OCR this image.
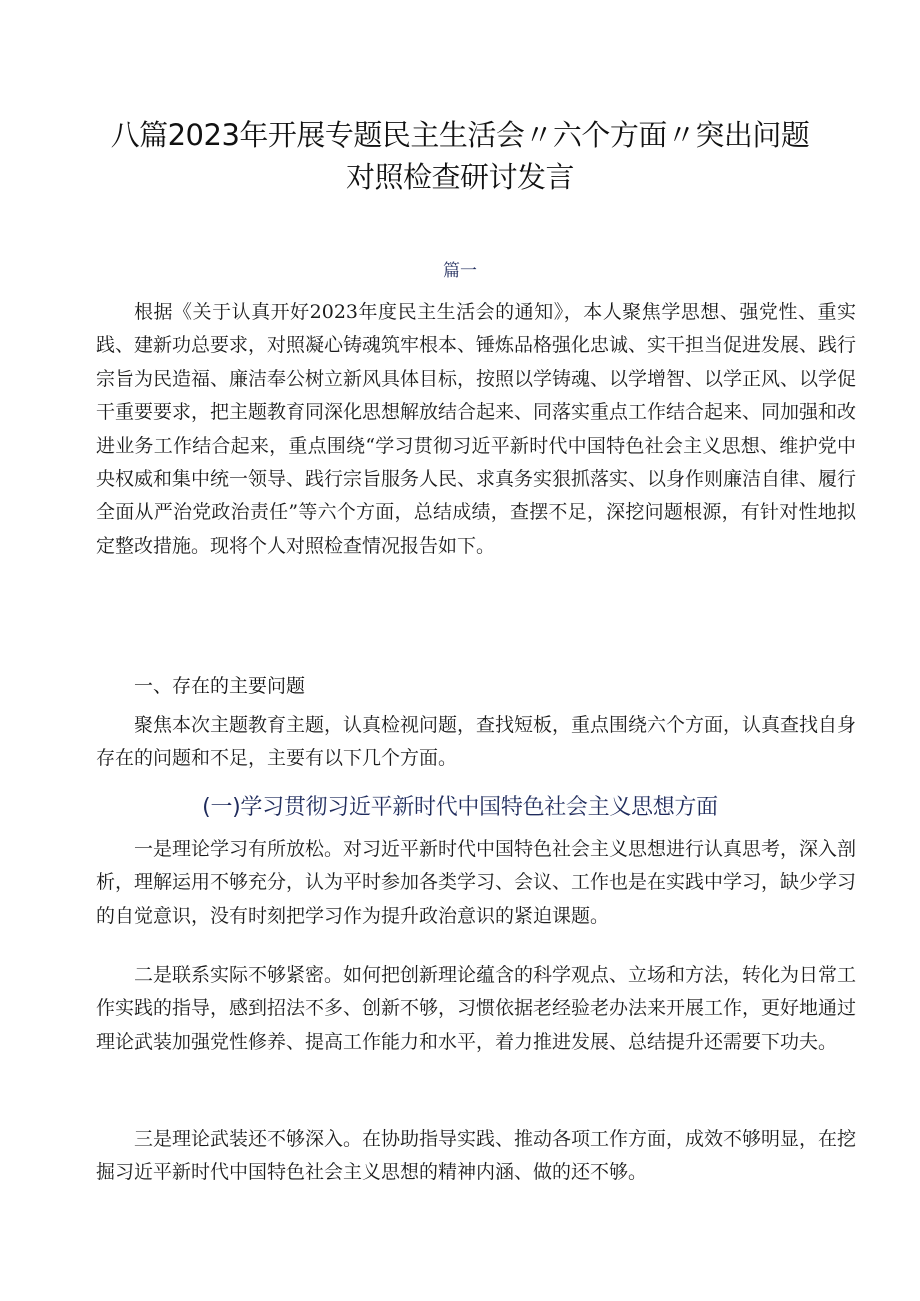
八篇2023年开展专题民主生活会〃六个方面〃突出问题
对照检查研讨发言
篇一

根据《关于认真开好2023年度民主生活会的通知》，本人聚焦学思想、强党性、重实践、建新功总要求，对照凝心铸魂筑牢根本、锤炼品格强化忠诚、实干担当促进发展、践行宗旨为民造福、廉洁奉公树立新风具体目标，按照以学铸魂、以学增智、以学正风、以学促干重要要求，把主题教育同深化思想解放结合起来、同落实重点工作结合起来、同加强和改进业务工作结合起来，重点围绕“学习贯彻习近平新时代中国特色社会主义思想、维护党中央权威和集中统一领导、践行宗旨服务人民、求真务实狠抓落实、以身作则廉洁自律、履行全面从严治党政治责任”等六个方面，总结成绩，查摆不足，深挖问题根源，有针对性地拟定整改措施。现将个人对照检查情况报告如下。

一、存在的主要问题

聚焦本次主题教育主题，认真检视问题，查找短板，重点围绕六个方面，认真查找自身存在的问题和不足，主要有以下几个方面。

(一)学习贯彻习近平新时代中国特色社会主义思想方面

一是理论学习有所放松。对习近平新时代中国特色社会主义思想进行认真思考，深入剖析，理解运用不够充分，认为平时参加各类学习、会议、工作也是在实践中学习，缺少学习的自觉意识，没有时刻把学习作为提升政治意识的紧迫课题。

二是联系实际不够紧密。如何把创新理论蕴含的科学观点、立场和方法，转化为日常工作实践的指导，感到招法不多、创新不够，习惯依据老经验老办法来开展工作，更好地通过理论武装加强党性修养、提高工作能力和水平，着力推进发展、总结提升还需要下功夫。

三是理论武装还不够深入。在协助指导实践、推动各项工作方面，成效不够明显，在挖掘习近平新时代中国特色社会主义思想的精神内涵、做的还不够。
